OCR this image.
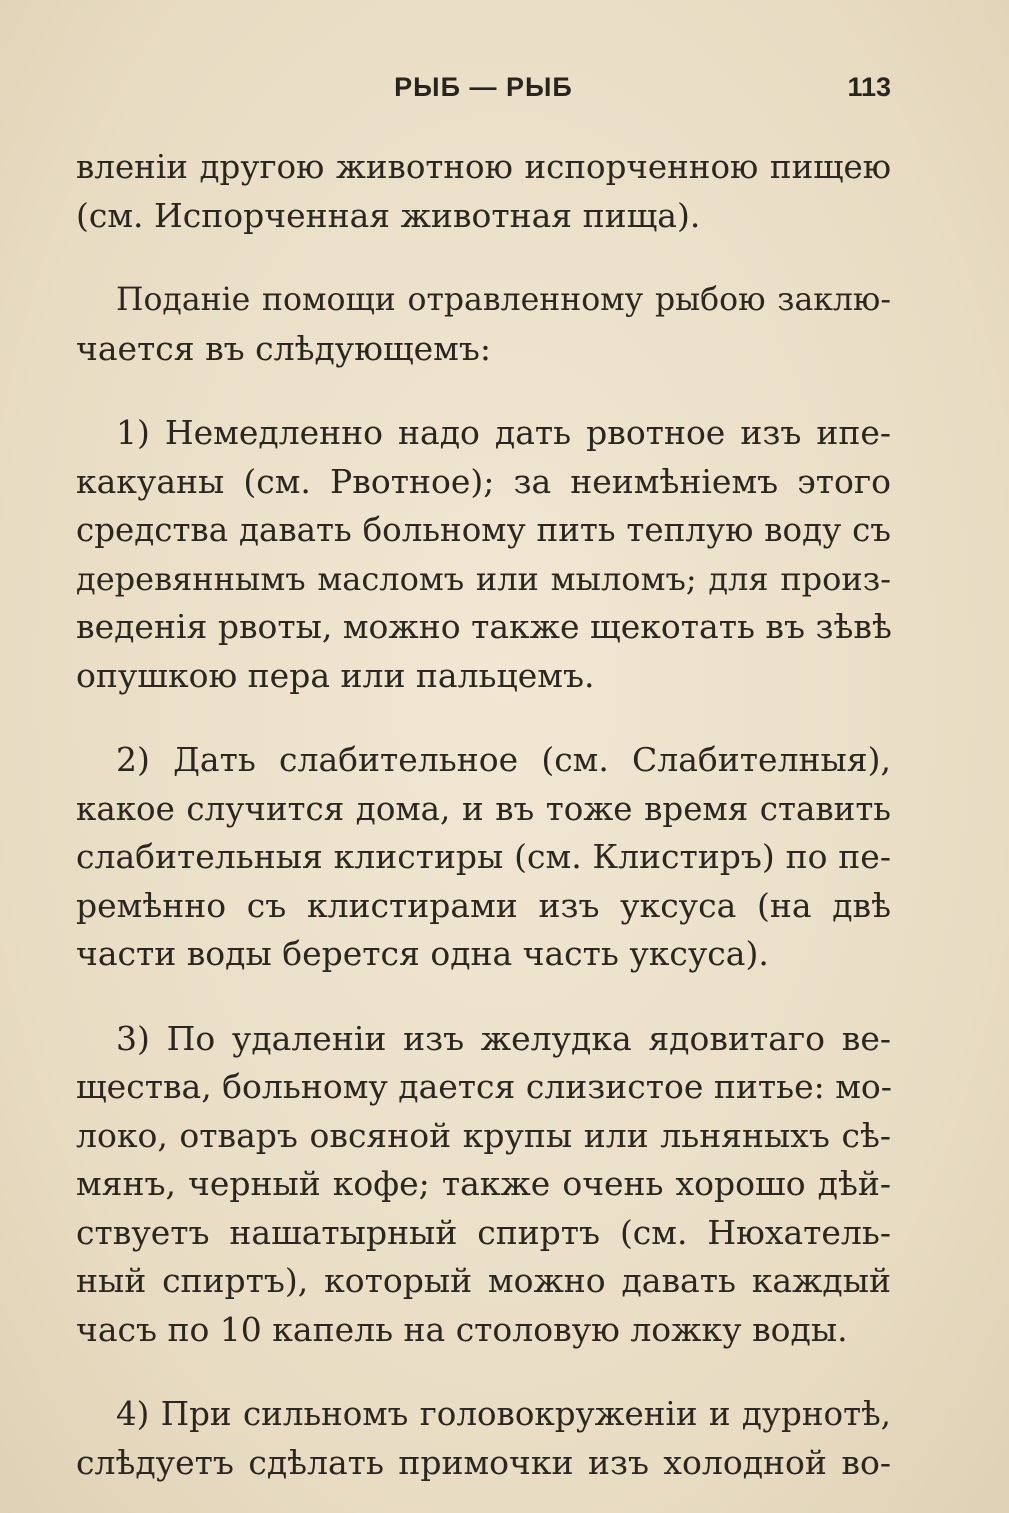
РЫБ — РЫБ	113
вленіи другою животною испорченною пищею
(см. Испорченная животная пища).
Поданіе помощи отравленному рыбою заклю-
чается въ слѣдующемъ:
1) Немедленно надо дать рвотное изъ ипе-
какуаны (см. Рвотное); за неимѣніемъ этого
средства давать больному пить теплую воду съ
деревяннымъ масломъ или мыломъ; для произ-
веденія рвоты, можно также щекотать въ зѣвѣ
опушкою пера или пальцемъ.
2) Дать слабительное (см. Слабителныя),
какое случится дома, и въ тоже время ставить
слабительныя клистиры (см. Клистиръ) по пе-
ремѣнно съ клистирами изъ уксуса (на двѣ
части воды берется одна часть уксуса).
3) По удаленіи изъ желудка ядовитаго ве-
щества, больному дается слизистое питье: мо-
локо, отваръ овсяной крупы или льняныхъ сѣ-
мянъ, черный кофе; также очень хорошо дѣй-
ствуетъ нашатырный спиртъ (см. Нюхатель-
ный спиртъ), который можно давать каждый
часъ по 10 капель на столовую ложку воды.
4) При сильномъ головокруженіи и дурнотѣ,
слѣдуетъ сдѣлать примочки изъ холодной во-
